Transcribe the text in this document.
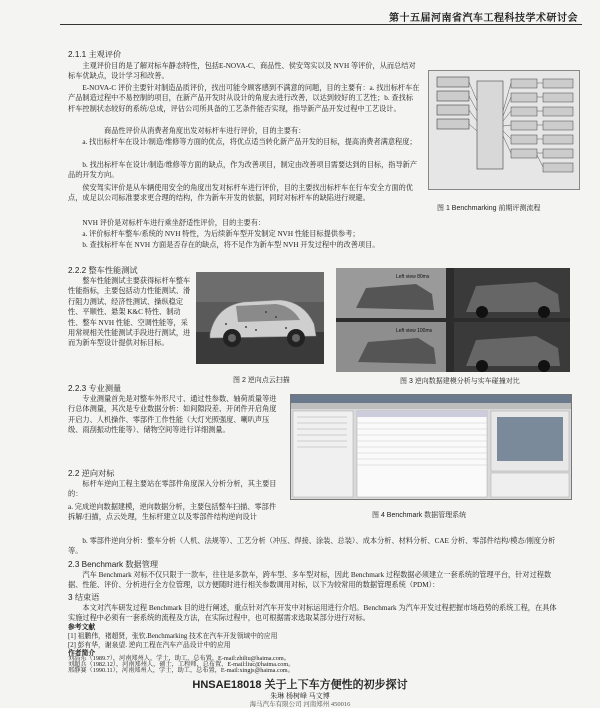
第十五届河南省汽车工程科技学术研讨会
2.1.1 主观评价

主观评价目的是了解对标车静态特性，包括E-NOVA-C、商品性、侯安驾实以及 NVH 等评价，从而总结对标车优缺点，设计学习和改善。

E-NOVA-C 评价主要针对制造品质评价，找出可能令顾客感到不满意的问题，目的主要有：a. 找出标杆车在产品制造过程中不易控制的项目，在新产品开发时从设计的角度去进行改善，以达到较好的工艺性；b. 查找标杆车控制状态较好的系统/总成，评估公司所具备的工艺条件能否实现，指导新产品开发过程中工艺设计。

商品性评价从消费者角度出发对标杆车进行评价，目的主要有：

a. 找出标杆车在设计/制造/维修等方面的优点，将优点适当转化新产品开发的目标，提高消费者满意程度；

b. 找出标杆车在设计/制造/维修等方面的缺点，作为改善项目，制定由改善项目需要达到的目标，指导新产品的开发方向。

侯安驾实评价是从车辆使用安全的角度出发对标杆车进行评价，目的主要找出标杆车在行车安全方面的优点，成足以公司标准要求更合理的结构，作为新车开发的依据，同时对标杆车的缺陷进行规避。

NVH 评价是对标杆车进行乘坐舒适性评价，目的主要有：

a. 评价标杆车整车/系统的 NVH 特性，为后续新车型开发制定 NVH 性能目标提供参考；

b. 查找标杆车在 NVH 方面是否存在的缺点，将不足作为新车型 NVH 开发过程中的改善项目。

图 1 Benchmarking 前期评测流程
2.2.2 整车性能测试

整车性能测试主要获得标杆车整车性能指标，主要包括动力性能测试、滑行阻力测试、经济性测试、操纵稳定性、平顺性、悬架 K&C 特性、制动性、整车 NVH 性能、空调性能等，采用常规相关性能测试手段进行测试，进而为新车型设计提供对标目标。

图 2 逆向点云扫描
Left view 80ms
Left view 100ms
图 3 逆向数据建模分析与实车碰撞对比
2.2.3 专业测量

专业测量首先是对整车外形尺寸、通过性参数、轴荷质量等进行总体测量，其次是专业数据分析：如间隙段差、开闭件开启角度开启力、人机操作、零部件工作性能（大灯光照强度、喇叭声压级、雨刮振动性能等）、储物空间等进行详细测量。

2.2 逆向对标

标杆车逆向工程主要站在零部件角度深入分析分析，其主要目的：

a. 完成逆向数据建模，逆向数据分析，主要包括整车扫描、零部件拆解/扫描，点云处理，生标杆建立以及零部件结构逆向设计	图 4 Benchmark 数据管理系统

b. 零部件逆向分析：整车分析（人机、法规等）、工艺分析（冲压、焊接、涂装、总装）、成本分析、材料分析、CAE 分析、零部件结构/模态/刚度分析等。

2.3 Benchmark 数据管理

汽车 Benchmark 对标不仅只限于一款车，往往是多款车，跨车型、多车型对标，因此 Benchmark 过程数据必须建立一套系统的管理平台，针对过程数据、性能、评价、分析进行全方位管理，以方便随时进行相关参数调用对标，以下为较常用的数据管理系统（PDM）：

3 结束语

本文对汽车研发过程 Benchmark 目的进行阐述，重点针对汽车开发中对标运用进行介绍。Benchmark 为汽车开发过程把握市场趋势的系统工程，在具体实施过程中必须有一套系统的流程及方法，在实际过程中，也可根据需求选取某部分进行对标。

参考文献
[1] 祖鹏伟，褚超贤，张钦.Benchmarking 技术在汽车开发领域中的应用
[2] 彭有华，谢泉望. 逆向工程在汽车产品设计中的应用
作者简介
刘浩东（1989.7），河南郑州人，学士，助工，总布置，E-mail:zhiliu@haima.com。
刘超兵（1982.12），河南郑州人，硕士，工程师，总布置，E-mail:liuc@haima.com。
邢静赛（1990.11），河南郑州人，学士，助工，总布置，E-mail:xingjs@haima.com。
HNSAE18018 关于上下车方便性的初步探讨
朱琳 杨树峰 马文博
海马汽车有限公司 河南郑州 450016
